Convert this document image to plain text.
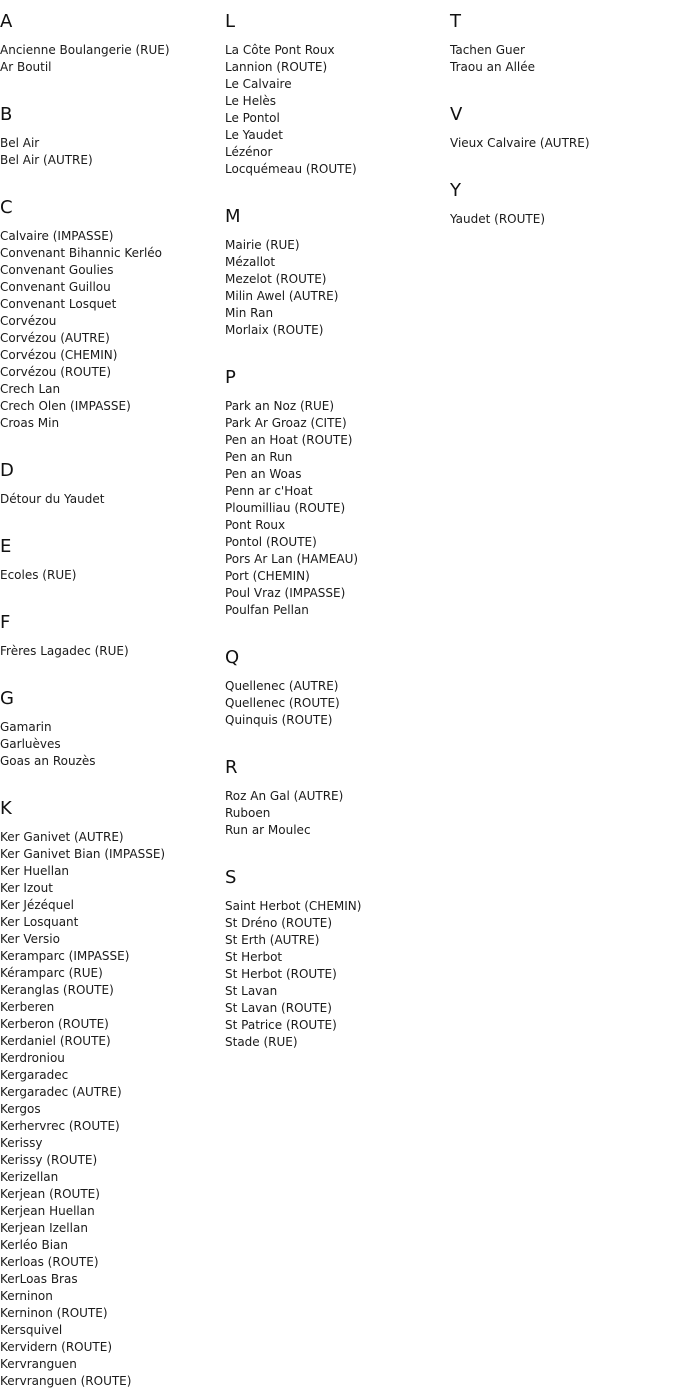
A
Ancienne Boulangerie (RUE)
Ar Boutil
B
Bel Air
Bel Air (AUTRE)
C
Calvaire (IMPASSE)
Convenant Bihannic Kerléo
Convenant Goulies
Convenant Guillou
Convenant Losquet
Corvézou
Corvézou (AUTRE)
Corvézou (CHEMIN)
Corvézou (ROUTE)
Crech Lan
Crech Olen (IMPASSE)
Croas Min
D
Détour du Yaudet
E
Ecoles (RUE)
F
Frères Lagadec (RUE)
G
Gamarin
Garluèves
Goas an Rouzès
K
Ker Ganivet (AUTRE)
Ker Ganivet Bian (IMPASSE)
Ker Huellan
Ker Izout
Ker Jézéquel
Ker Losquant
Ker Versio
Keramparc (IMPASSE)
Kéramparc (RUE)
Keranglas (ROUTE)
Kerberen
Kerberon (ROUTE)
Kerdaniel (ROUTE)
Kerdroniou
Kergaradec
Kergaradec (AUTRE)
Kergos
Kerhervrec (ROUTE)
Kerissy
Kerissy (ROUTE)
Kerizellan
Kerjean (ROUTE)
Kerjean Huellan
Kerjean Izellan
Kerléo Bian
Kerloas (ROUTE)
KerLoas Bras
Kerninon
Kerninon (ROUTE)
Kersquivel
Kervidern (ROUTE)
Kervranguen
Kervranguen (ROUTE)
L
La Côte Pont Roux
Lannion (ROUTE)
Le Calvaire
Le Helès
Le Pontol
Le Yaudet
Lézénor
Locquémeau (ROUTE)
M
Mairie (RUE)
Mézallot
Mezelot (ROUTE)
Milin Awel (AUTRE)
Min Ran
Morlaix (ROUTE)
P
Park an Noz (RUE)
Park Ar Groaz (CITE)
Pen an Hoat (ROUTE)
Pen an Run
Pen an Woas
Penn ar c'Hoat
Ploumilliau (ROUTE)
Pont Roux
Pontol (ROUTE)
Pors Ar Lan (HAMEAU)
Port (CHEMIN)
Poul Vraz (IMPASSE)
Poulfan Pellan
Q
Quellenec (AUTRE)
Quellenec (ROUTE)
Quinquis (ROUTE)
R
Roz An Gal (AUTRE)
Ruboen
Run ar Moulec
S
Saint Herbot (CHEMIN)
St Dréno (ROUTE)
St Erth (AUTRE)
St Herbot
St Herbot (ROUTE)
St Lavan
St Lavan (ROUTE)
St Patrice (ROUTE)
Stade (RUE)
T
Tachen Guer
Traou an Allée
V
Vieux Calvaire (AUTRE)
Y
Yaudet (ROUTE)
